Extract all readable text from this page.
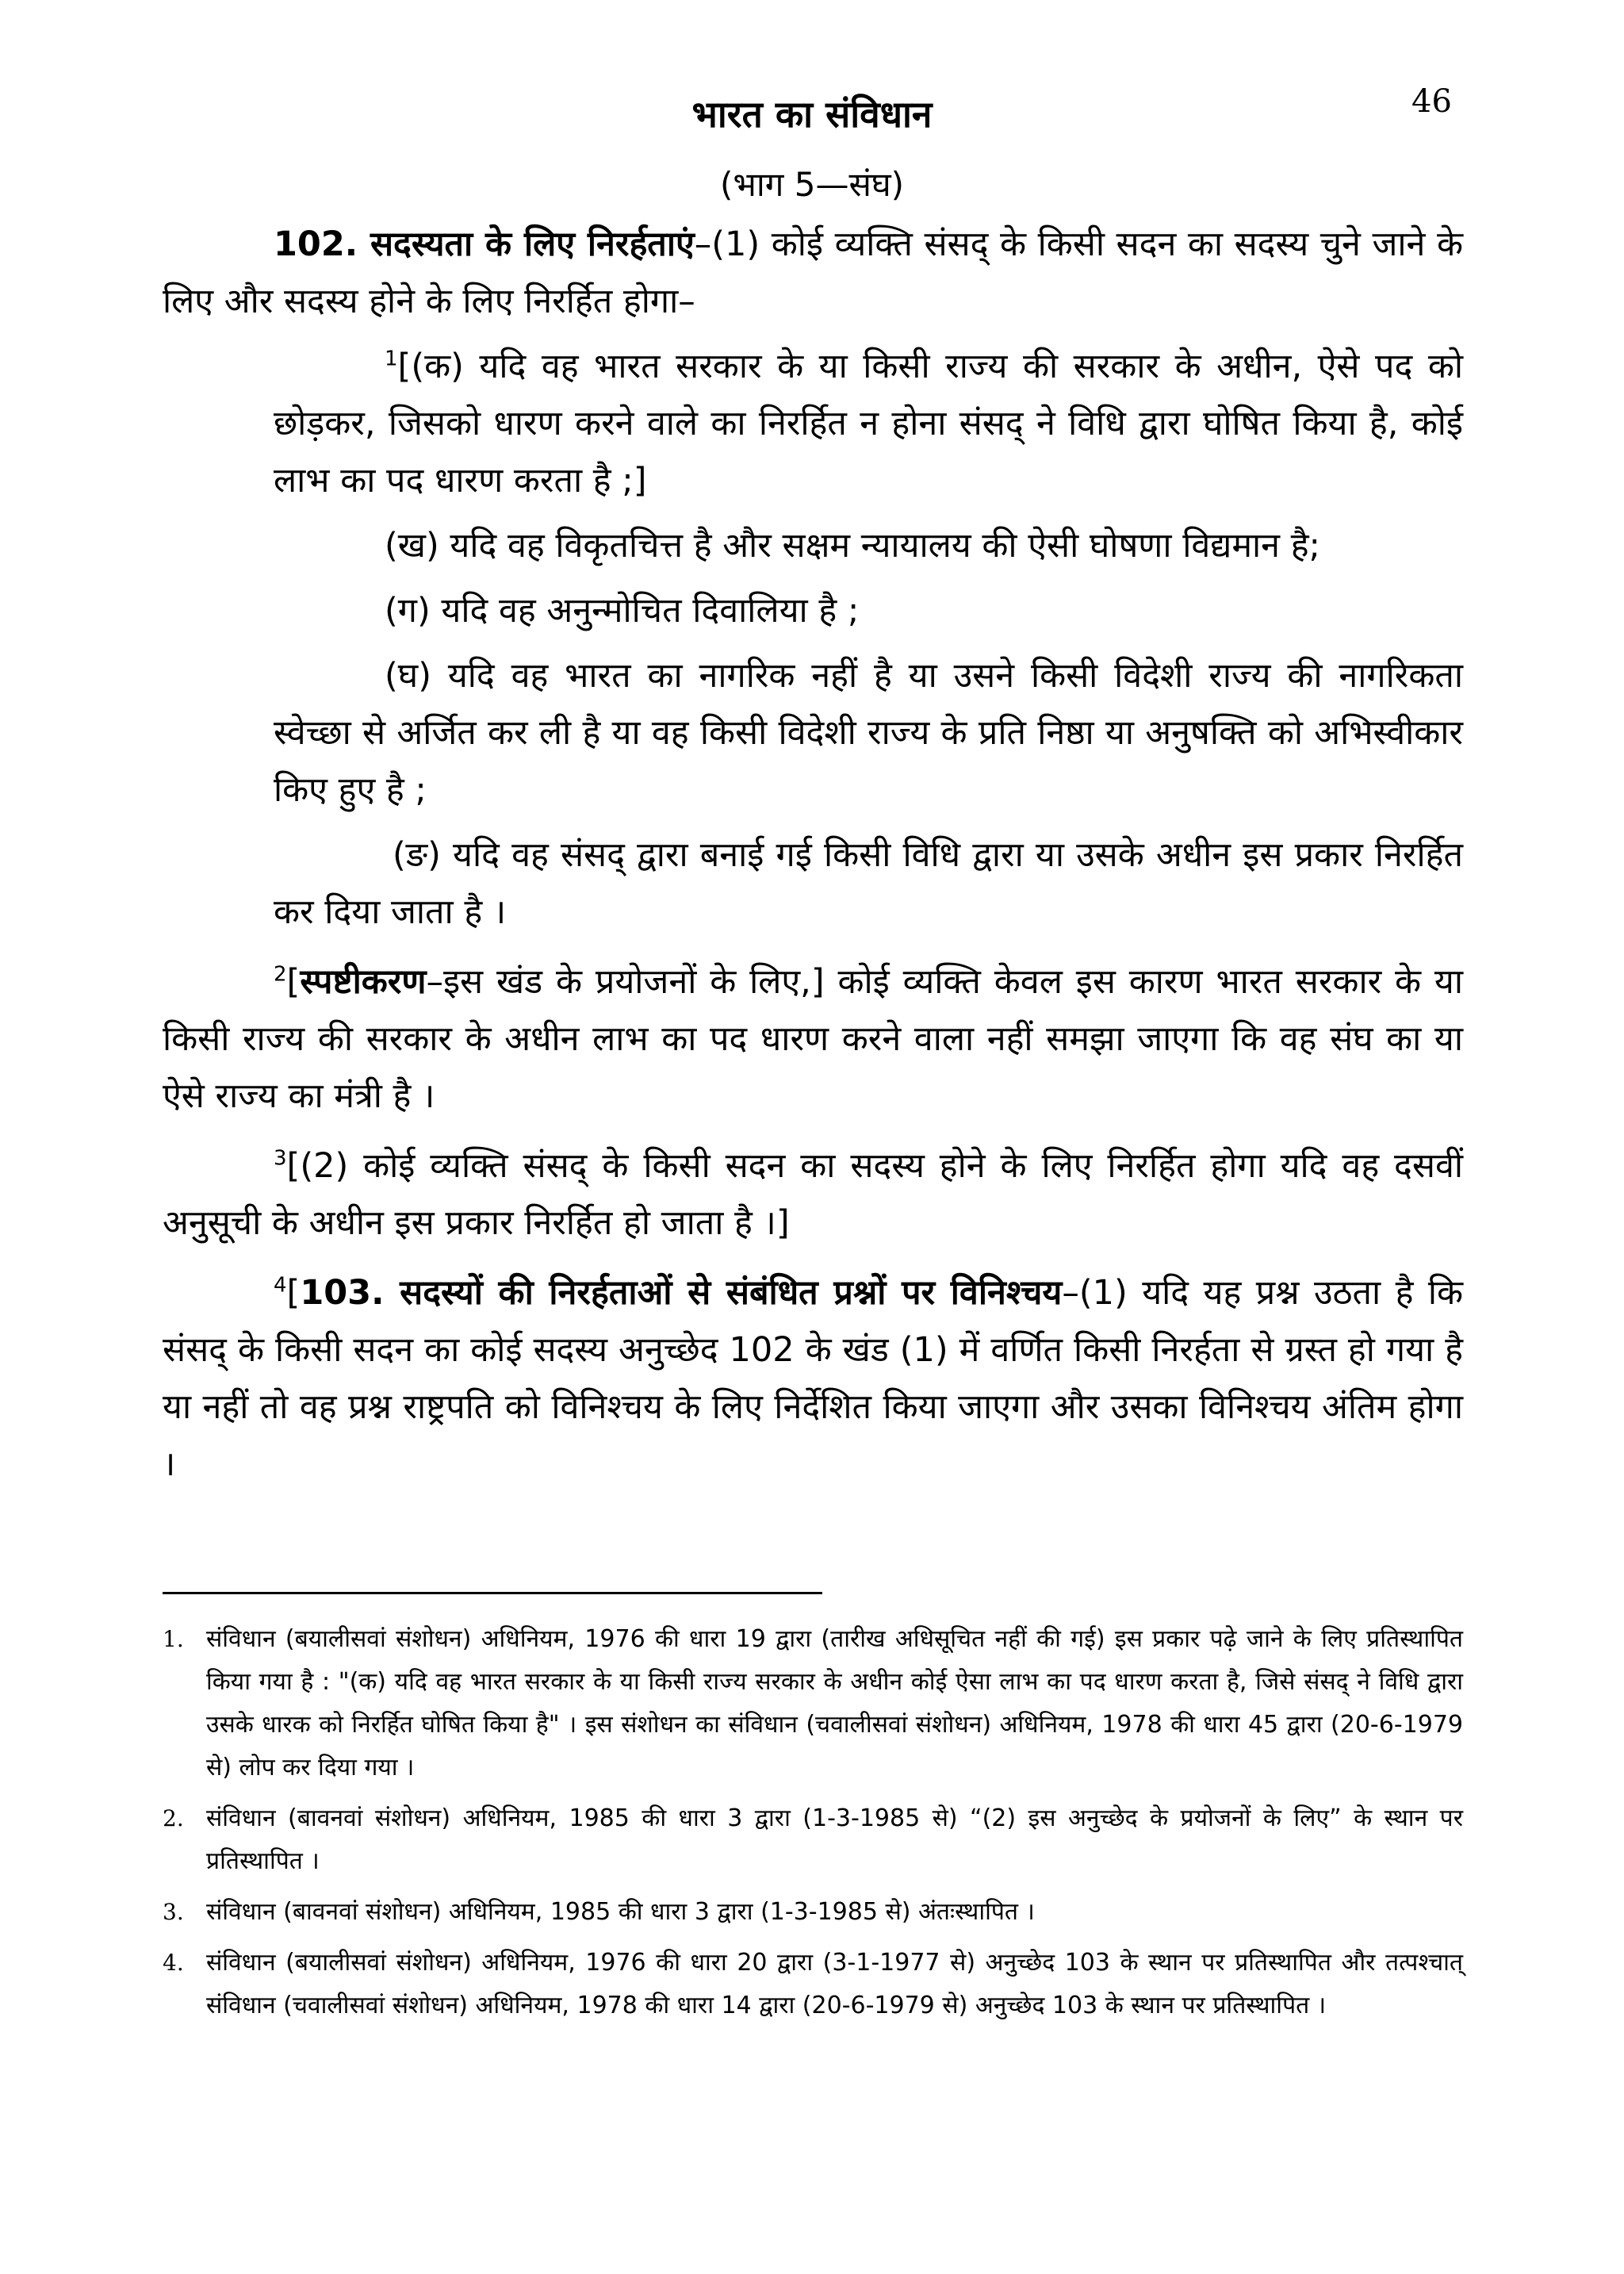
46
भारत का संविधान
(भाग 5—संघ)

102. सदस्यता के लिए निरर्हताएं–(1) कोई व्यक्ति संसद् के किसी सदन का सदस्य चुने जाने के लिए और सदस्य होने के लिए निरर्हित होगा–

$^1$[(क) यदि वह भारत सरकार के या किसी राज्य की सरकार के अधीन, ऐसे पद को छोड़कर, जिसको धारण करने वाले का निरर्हित न होना संसद् ने विधि द्वारा घोषित किया है, कोई लाभ का पद धारण करता है ;]

(ख) यदि वह विकृतचित्त है और सक्षम न्यायालय की ऐसी घोषणा विद्यमान है;

(ग) यदि वह अनुन्मोचित दिवालिया है ;

(घ) यदि वह भारत का नागरिक नहीं है या उसने किसी विदेशी राज्य की नागरिकता स्वेच्छा से अर्जित कर ली है या वह किसी विदेशी राज्य के प्रति निष्ठा या अनुषक्ति को अभिस्वीकार किए हुए है ;

(ङ) यदि वह संसद् द्वारा बनाई गई किसी विधि द्वारा या उसके अधीन इस प्रकार निरर्हित कर दिया जाता है ।

$^2$[स्पष्टीकरण–इस खंड के प्रयोजनों के लिए,] कोई व्यक्ति केवल इस कारण भारत सरकार के या किसी राज्य की सरकार के अधीन लाभ का पद धारण करने वाला नहीं समझा जाएगा कि वह संघ का या ऐसे राज्य का मंत्री है ।

$^3$[(2) कोई व्यक्ति संसद् के किसी सदन का सदस्य होने के लिए निरर्हित होगा यदि वह दसवीं अनुसूची के अधीन इस प्रकार निरर्हित हो जाता है ।]

$^4$[103. सदस्यों की निरर्हताओं से संबंधित प्रश्नों पर विनिश्चय–(1) यदि यह प्रश्न उठता है कि संसद् के किसी सदन का कोई सदस्य अनुच्छेद 102 के खंड (1) में वर्णित किसी निरर्हता से ग्रस्त हो गया है या नहीं तो वह प्रश्न राष्ट्रपति को विनिश्चय के लिए निर्देशित किया जाएगा और उसका विनिश्चय अंतिम होगा ।

1. संविधान (बयालीसवां संशोधन) अधिनियम, 1976 की धारा 19 द्वारा (तारीख अधिसूचित नहीं की गई) इस प्रकार पढ़े जाने के लिए प्रतिस्थापित किया गया है : "(क) यदि वह भारत सरकार के या किसी राज्य सरकार के अधीन कोई ऐसा लाभ का पद धारण करता है, जिसे संसद् ने विधि द्वारा उसके धारक को निरर्हित घोषित किया है" । इस संशोधन का संविधान (चवालीसवां संशोधन) अधिनियम, 1978 की धारा 45 द्वारा (20-6-1979 से) लोप कर दिया गया ।
2. संविधान (बावनवां संशोधन) अधिनियम, 1985 की धारा 3 द्वारा (1-3-1985 से) “(2) इस अनुच्छेद के प्रयोजनों के लिए” के स्थान पर प्रतिस्थापित ।
3. संविधान (बावनवां संशोधन) अधिनियम, 1985 की धारा 3 द्वारा (1-3-1985 से) अंतःस्थापित ।
4. संविधान (बयालीसवां संशोधन) अधिनियम, 1976 की धारा 20 द्वारा (3-1-1977 से) अनुच्छेद 103 के स्थान पर प्रतिस्थापित और तत्पश्चात् संविधान (चवालीसवां संशोधन) अधिनियम, 1978 की धारा 14 द्वारा (20-6-1979 से) अनुच्छेद 103 के स्थान पर प्रतिस्थापित ।
